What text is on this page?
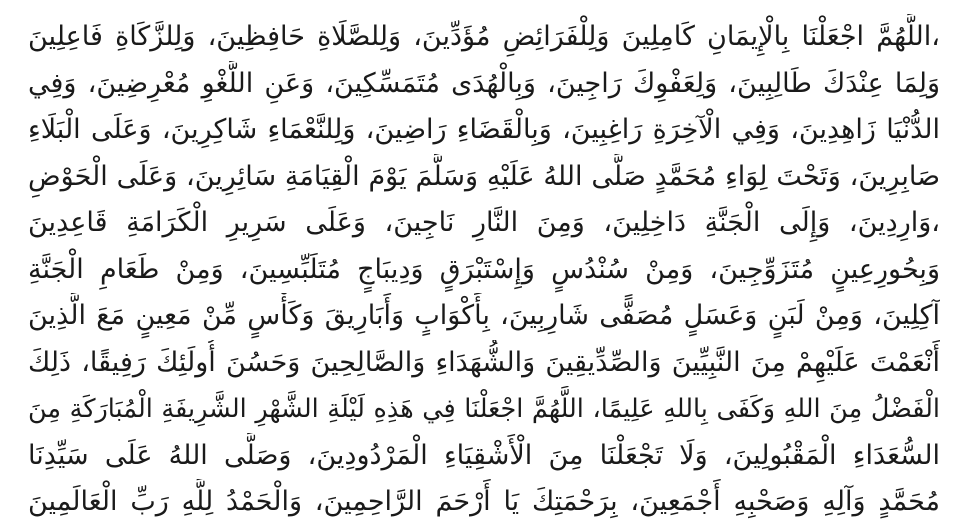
،اللَّهُمَّ اجْعَلْنَا بِالْإِيمَانِ كَامِلِينَ وَلِلْفَرَائِضِ مُؤَدِّينَ، وَلِلصَّلَاةِ حَافِظِينَ، وَلِلزَّكَاةِ فَاعِلِينَ
وَلِمَا عِنْدَكَ طَالِبِينَ، وَلِعَفْوِكَ رَاجِينَ، وَبِالْهُدَى مُتَمَسِّكِينَ، وَعَنِ اللَّغْوِ مُعْرِضِينَ، وَفِي
الدُّنْيَا زَاهِدِينَ، وَفِي الْآخِرَةِ رَاغِبِينَ، وَبِالْقَضَاءِ رَاضِينَ، وَلِلنَّعْمَاءِ شَاكِرِينَ، وَعَلَى الْبَلَاءِ
صَابِرِينَ، وَتَحْتَ لِوَاءِ مُحَمَّدٍ صَلَّى اللهُ عَلَيْهِ وَسَلَّمَ يَوْمَ الْقِيَامَةِ سَائِرِينَ، وَعَلَى الْحَوْضِ
،وَارِدِينَ، وَإِلَى الْجَنَّةِ دَاخِلِينَ، وَمِنَ النَّارِ نَاجِينَ، وَعَلَى سَرِيرِ الْكَرَامَةِ قَاعِدِينَ
وَبِحُورِعِينٍ مُتَزَوِّجِينَ، وَمِنْ سُنْدُسٍ وَإِسْتَبْرَقٍ وَدِيبَاجٍ مُتَلَبِّسِينَ، وَمِنْ طَعَامِ الْجَنَّةِ
آكِلِينَ، وَمِنْ لَبَنٍ وَعَسَلٍ مُصَفًّى شَارِبِينَ، بِأَكْوَابٍ وَأَبَارِيقَ وَكَأْسٍ مِّنْ مَعِينٍ مَعَ الَّذِينَ
أَنْعَمْتَ عَلَيْهِمْ مِنَ النَّبِيِّينَ وَالصِّدِّيقِينَ وَالشُّهَدَاءِ وَالصَّالِحِينَ وَحَسُنَ أُولَئِكَ رَفِيقًا، ذَلِكَ
الْفَضْلُ مِنَ اللهِ وَكَفَى بِاللهِ عَلِيمًا، اللَّهُمَّ اجْعَلْنَا فِي هَذِهِ لَيْلَةِ الشَّهْرِ الشَّرِيفَةِ الْمُبَارَكَةِ مِنَ
السُّعَدَاءِ الْمَقْبُولِينَ، وَلَا تَجْعَلْنَا مِنَ الْأَشْقِيَاءِ الْمَرْدُودِينَ، وَصَلَّى اللهُ عَلَى سَيِّدِنَا
مُحَمَّدٍ وَآلِهِ وَصَحْبِهِ أَجْمَعِينَ، بِرَحْمَتِكَ يَا أَرْحَمَ الرَّاحِمِينَ، وَالْحَمْدُ لِلَّهِ رَبِّ الْعَالَمِينَ
